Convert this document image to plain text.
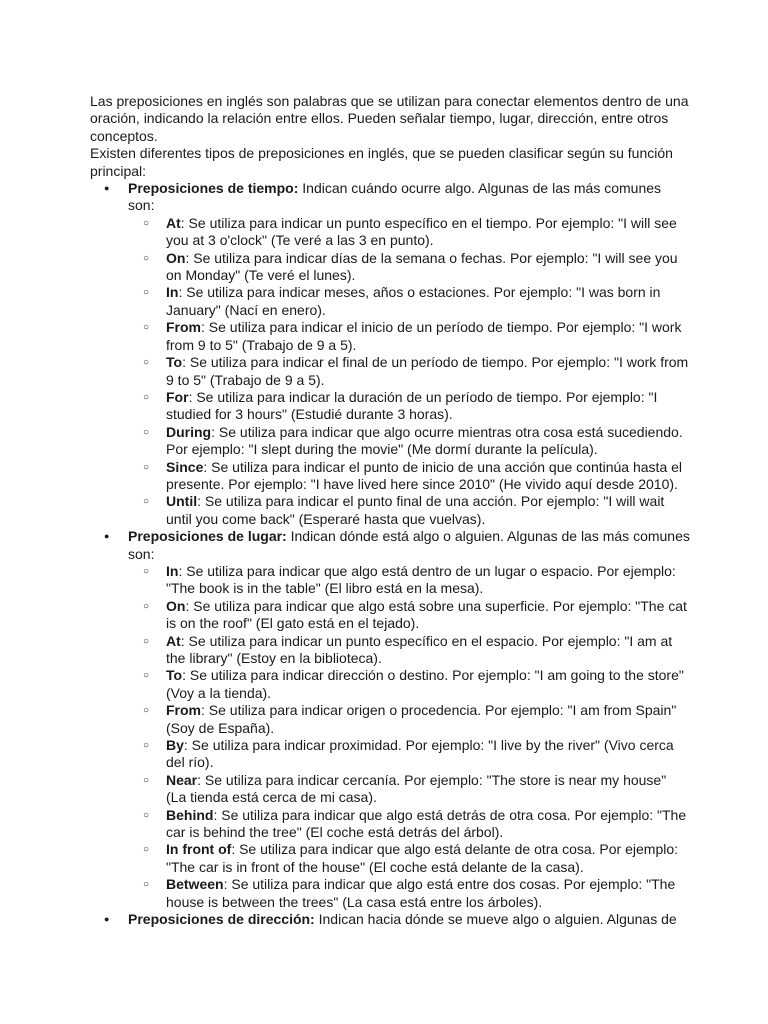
Las preposiciones en inglés son palabras que se utilizan para conectar elementos dentro de una oración, indicando la relación entre ellos. Pueden señalar tiempo, lugar, dirección, entre otros conceptos.

Existen diferentes tipos de preposiciones en inglés, que se pueden clasificar según su función principal:

● Preposiciones de tiempo: Indican cuándo ocurre algo. Algunas de las más comunes son:
○ At: Se utiliza para indicar un punto específico en el tiempo. Por ejemplo: "I will see you at 3 o'clock" (Te veré a las 3 en punto).
○ On: Se utiliza para indicar días de la semana o fechas. Por ejemplo: "I will see you on Monday" (Te veré el lunes).
○ In: Se utiliza para indicar meses, años o estaciones. Por ejemplo: "I was born in January" (Nací en enero).
○ From: Se utiliza para indicar el inicio de un período de tiempo. Por ejemplo: "I work from 9 to 5" (Trabajo de 9 a 5).
○ To: Se utiliza para indicar el final de un período de tiempo. Por ejemplo: "I work from 9 to 5" (Trabajo de 9 a 5).
○ For: Se utiliza para indicar la duración de un período de tiempo. Por ejemplo: "I studied for 3 hours" (Estudié durante 3 horas).
○ During: Se utiliza para indicar que algo ocurre mientras otra cosa está sucediendo. Por ejemplo: "I slept during the movie" (Me dormí durante la película).
○ Since: Se utiliza para indicar el punto de inicio de una acción que continúa hasta el presente. Por ejemplo: "I have lived here since 2010" (He vivido aquí desde 2010).
○ Until: Se utiliza para indicar el punto final de una acción. Por ejemplo: "I will wait until you come back" (Esperaré hasta que vuelvas).
● Preposiciones de lugar: Indican dónde está algo o alguien. Algunas de las más comunes son:
○ In: Se utiliza para indicar que algo está dentro de un lugar o espacio. Por ejemplo: "The book is in the table" (El libro está en la mesa).
○ On: Se utiliza para indicar que algo está sobre una superficie. Por ejemplo: "The cat is on the roof" (El gato está en el tejado).
○ At: Se utiliza para indicar un punto específico en el espacio. Por ejemplo: "I am at the library" (Estoy en la biblioteca).
○ To: Se utiliza para indicar dirección o destino. Por ejemplo: "I am going to the store" (Voy a la tienda).
○ From: Se utiliza para indicar origen o procedencia. Por ejemplo: "I am from Spain" (Soy de España).
○ By: Se utiliza para indicar proximidad. Por ejemplo: "I live by the river" (Vivo cerca del río).
○ Near: Se utiliza para indicar cercanía. Por ejemplo: "The store is near my house" (La tienda está cerca de mi casa).
○ Behind: Se utiliza para indicar que algo está detrás de otra cosa. Por ejemplo: "The car is behind the tree" (El coche está detrás del árbol).
○ In front of: Se utiliza para indicar que algo está delante de otra cosa. Por ejemplo: "The car is in front of the house" (El coche está delante de la casa).
○ Between: Se utiliza para indicar que algo está entre dos cosas. Por ejemplo: "The house is between the trees" (La casa está entre los árboles).
● Preposiciones de dirección: Indican hacia dónde se mueve algo o alguien. Algunas de
